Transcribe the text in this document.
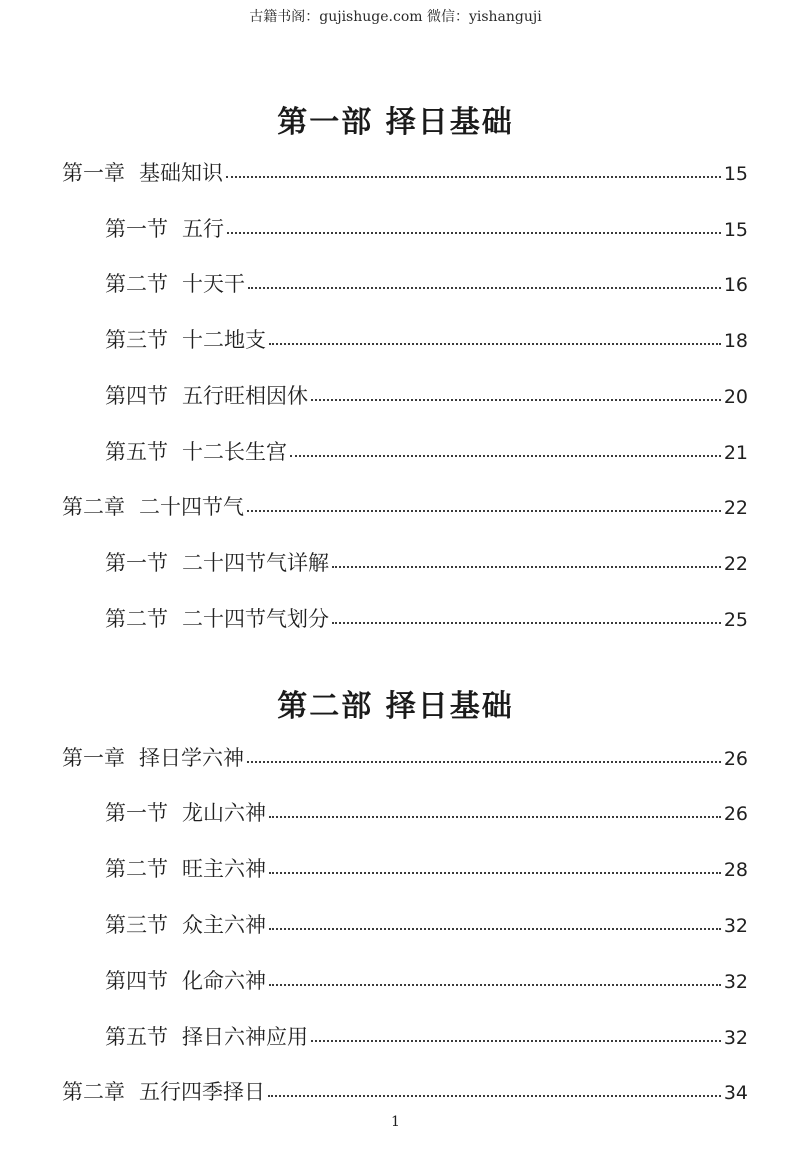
古籍书阁：gujishuge.com 微信：yishanguji
第一部 择日基础
第一章 基础知识	15
第一节 五行	15
第二节 十天干	16
第三节 十二地支	18
第四节 五行旺相因休	20
第五节 十二长生宫	21
第二章 二十四节气	22
第一节 二十四节气详解	22
第二节 二十四节气划分	25
第二部 择日基础
第一章 择日学六神	26
第一节 龙山六神	26
第二节 旺主六神	28
第三节 众主六神	32
第四节 化命六神	32
第五节 择日六神应用	32
第二章 五行四季择日	34
1
